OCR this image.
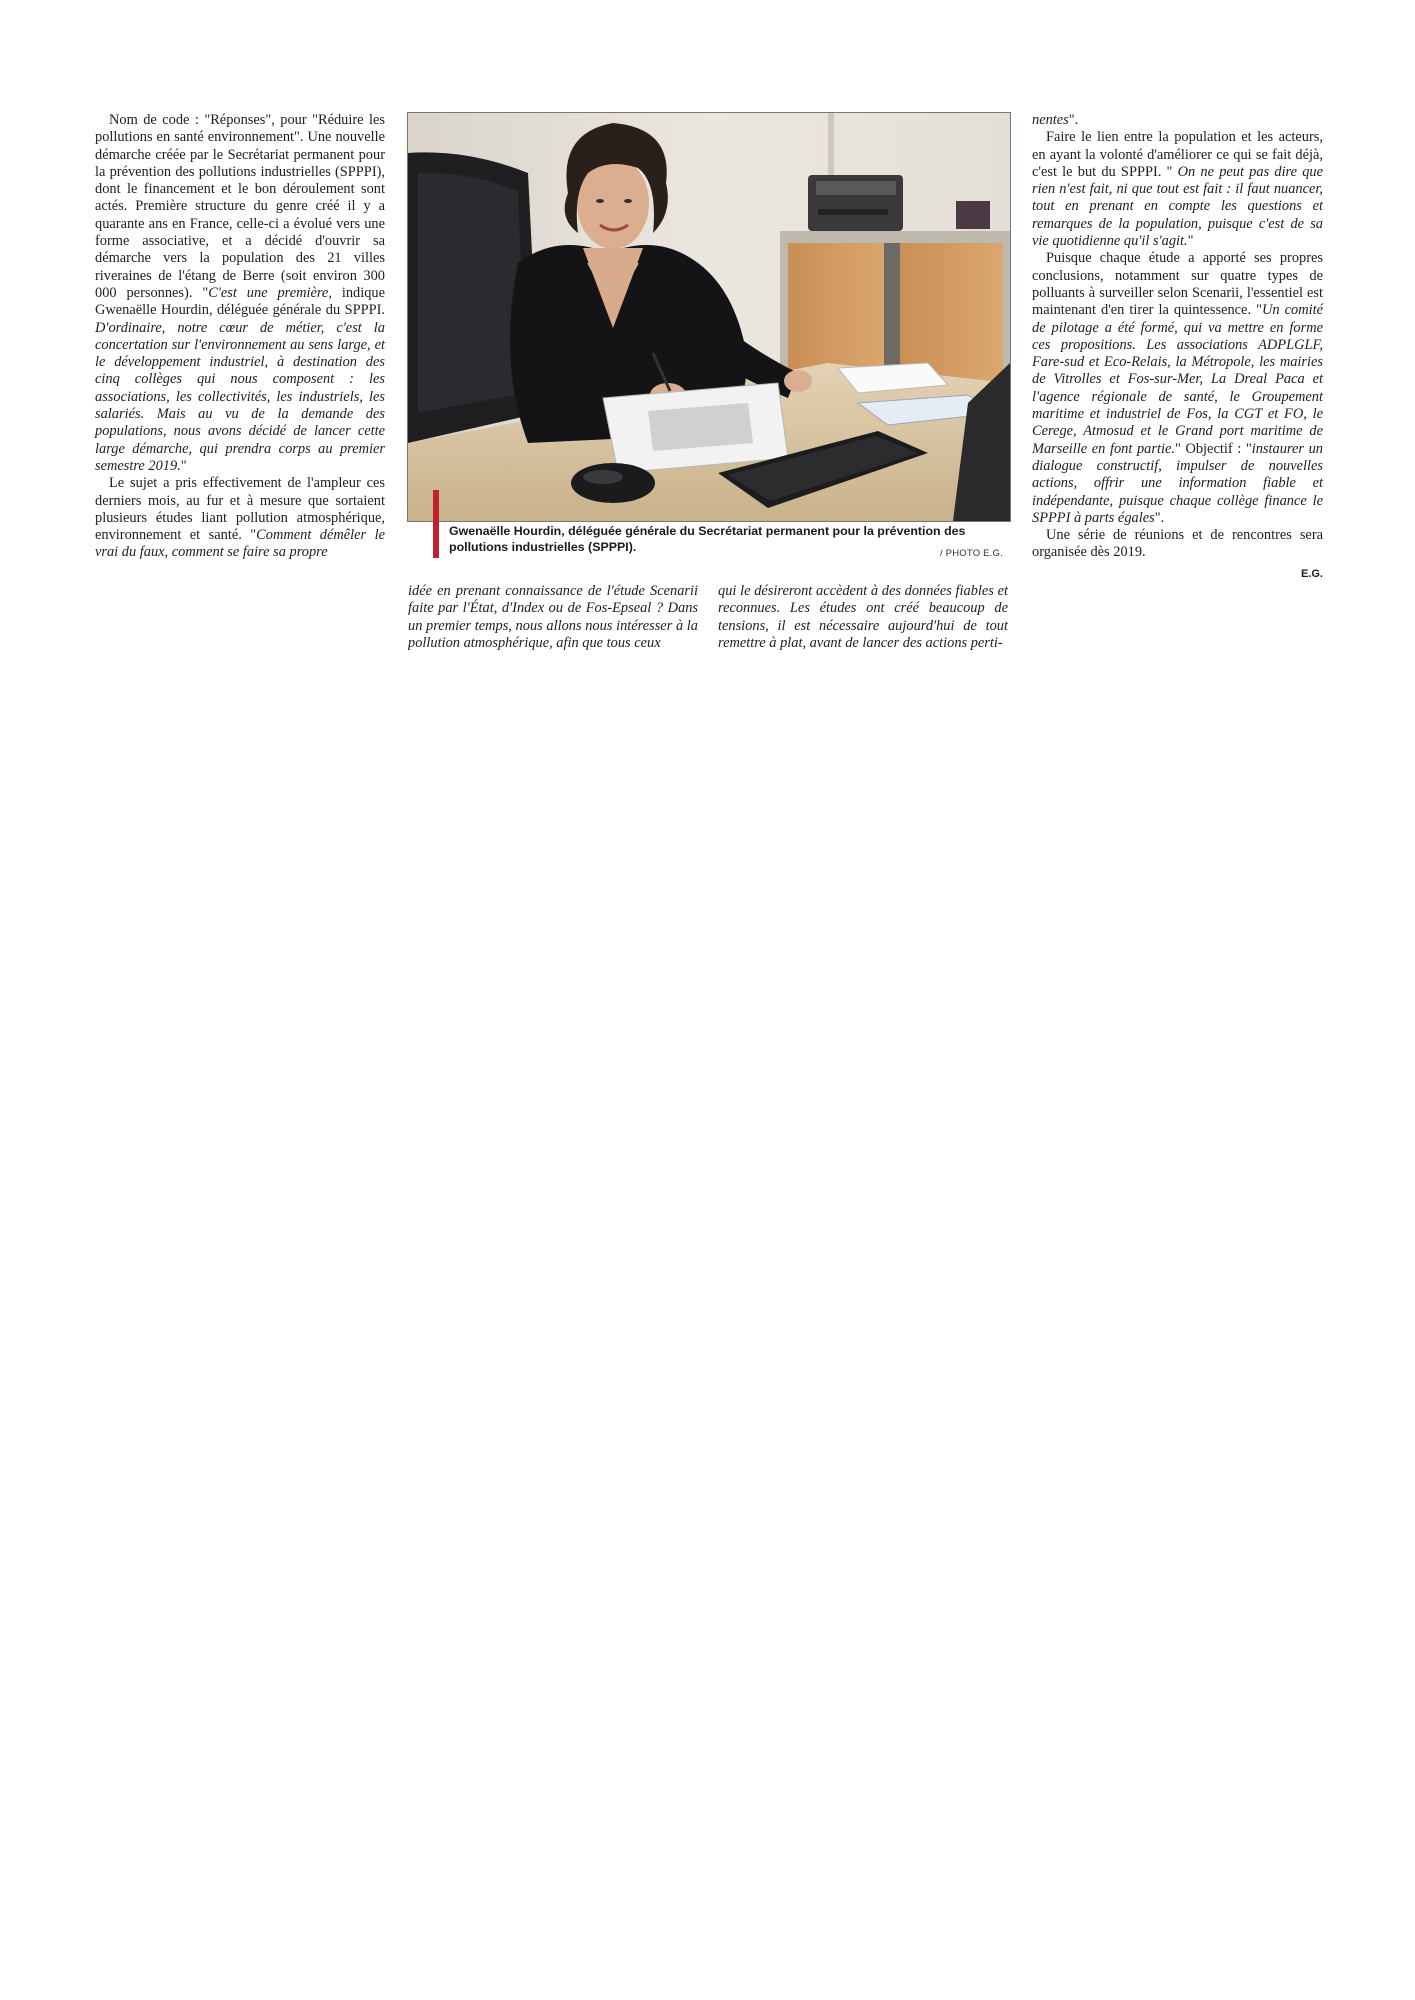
Nom de code : "Réponses", pour "Réduire les pollutions en santé environnement". Une nouvelle démarche créée par le Secrétariat permanent pour la prévention des pollutions industrielles (SPPPI), dont le financement et le bon déroulement sont actés. Première structure du genre créé il y a quarante ans en France, celle-ci a évolué vers une forme associative, et a décidé d'ouvrir sa démarche vers la population des 21 villes riveraines de l'étang de Berre (soit environ 300 000 personnes). "C'est une première, indique Gwenaëlle Hourdin, déléguée générale du SPPPI. D'ordinaire, notre cœur de métier, c'est la concertation sur l'environnement au sens large, et le développement industriel, à destination des cinq collèges qui nous composent : les associations, les collectivités, les industriels, les salariés. Mais au vu de la demande des populations, nous avons décidé de lancer cette large démarche, qui prendra corps au premier semestre 2019."

Le sujet a pris effectivement de l'ampleur ces derniers mois, au fur et à mesure que sortaient plusieurs études liant pollution atmosphérique, environnement et santé. "Comment démêler le vrai du faux, comment se faire sa propre

Gwenaëlle Hourdin, déléguée générale du Secrétariat permanent pour la prévention des pollutions industrielles (SPPPI).	/ PHOTO E.G.

idée en prenant connaissance de l'étude Scenarii faite par l'État, d'Index ou de Fos-Epseal ? Dans un premier temps, nous allons nous intéresser à la pollution atmosphérique, afin que tous ceux

qui le désireront accèdent à des données fiables et reconnues. Les études ont créé beaucoup de tensions, il est nécessaire aujourd'hui de tout remettre à plat, avant de lancer des actions perti-

nentes".

Faire le lien entre la population et les acteurs, en ayant la volonté d'améliorer ce qui se fait déjà, c'est le but du SPPPI. " On ne peut pas dire que rien n'est fait, ni que tout est fait : il faut nuancer, tout en prenant en compte les questions et remarques de la population, puisque c'est de sa vie quotidienne qu'il s'agit."

Puisque chaque étude a apporté ses propres conclusions, notamment sur quatre types de polluants à surveiller selon Scenarii, l'essentiel est maintenant d'en tirer la quintessence. "Un comité de pilotage a été formé, qui va mettre en forme ces propositions. Les associations ADPLGLF, Fare-sud et Eco-Relais, la Métropole, les mairies de Vitrolles et Fos-sur-Mer, La Dreal Paca et l'agence régionale de santé, le Groupement maritime et industriel de Fos, la CGT et FO, le Cerege, Atmosud et le Grand port maritime de Marseille en font partie." Objectif : "instaurer un dialogue constructif, impulser de nouvelles actions, offrir une information fiable et indépendante, puisque chaque collège finance le SPPPI à parts égales".

Une série de réunions et de rencontres sera organisée dès 2019.

E.G.
